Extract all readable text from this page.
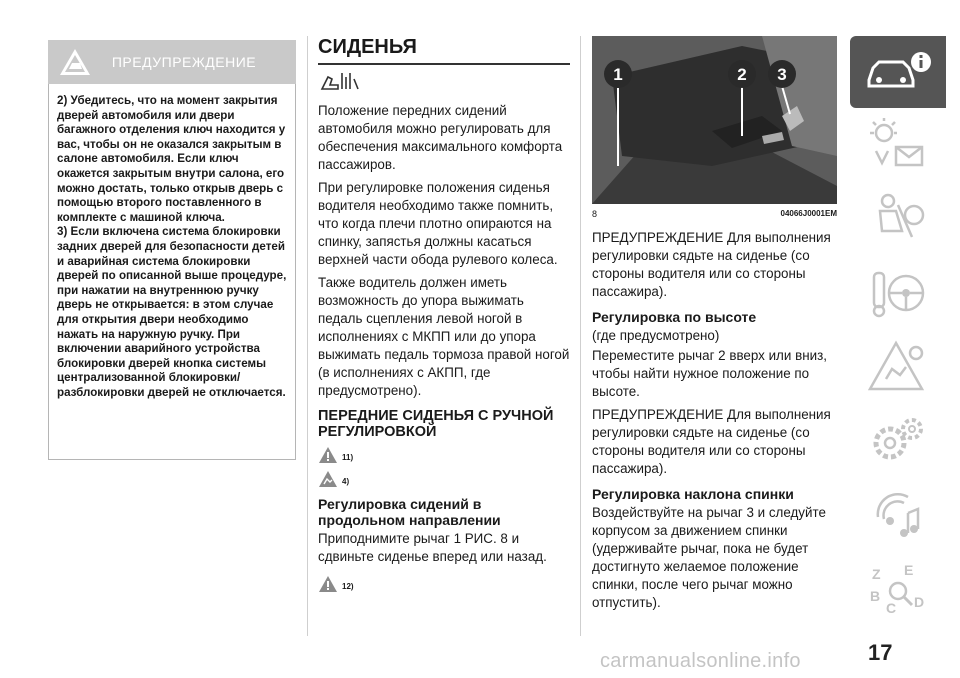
ПРЕДУПРЕЖДЕНИЕ

2) Убедитесь, что на момент закрытия дверей автомобиля или двери багажного отделения ключ находится у вас, чтобы он не оказался закрытым в салоне автомобиля. Если ключ окажется закрытым внутри салона, его можно достать, только открыв дверь с помощью второго поставленного в комплекте с машиной ключа.

3) Если включена система блокировки задних дверей для безопасности детей и аварийная система блокировки дверей по описанной выше процедуре, при нажатии на внутреннюю ручку дверь не открывается: в этом случае для открытия двери необходимо нажать на наружную ручку. При включении аварийного устройства блокировки дверей кнопка системы централизованной блокировки/разблокировки дверей не отключается.

СИДЕНЬЯ

Положение передних сидений автомобиля можно регулировать для обеспечения максимального комфорта пассажиров.

При регулировке положения сиденья водителя необходимо также помнить, что когда плечи плотно опираются на спинку, запястья должны касаться верхней части обода рулевого колеса.

Также водитель должен иметь возможность до упора выжимать педаль сцепления левой ногой в исполнениях с МКПП или до упора выжимать педаль тормоза правой ногой (в исполнениях с АКПП, где предусмотрено).

ПЕРЕДНИЕ СИДЕНЬЯ С РУЧНОЙ РЕГУЛИРОВКОЙ
11)
4)
Регулировка сидений в продольном направлении

Приподнимите рычаг 1 РИС. 8 и сдвиньте сиденье вперед или назад.

12)
1	2 3
8	04066J0001EM

ПРЕДУПРЕЖДЕНИЕ Для выполнения регулировки сядьте на сиденье (со стороны водителя или со стороны пассажира).

Регулировка по высоте

(где предусмотрено)

Переместите рычаг 2 вверх или вниз, чтобы найти нужное положение по высоте.

ПРЕДУПРЕЖДЕНИЕ Для выполнения регулировки сядьте на сиденье (со стороны водителя или со стороны пассажира).

Регулировка наклона спинки

Воздействуйте на рычаг 3 и следуйте корпусом за движением спинки (удерживайте рычаг, пока не будет достигнуто желаемое положение спинки, после чего рычаг можно отпустить).

Z E
B
C D
17
carmanualsonline.info
